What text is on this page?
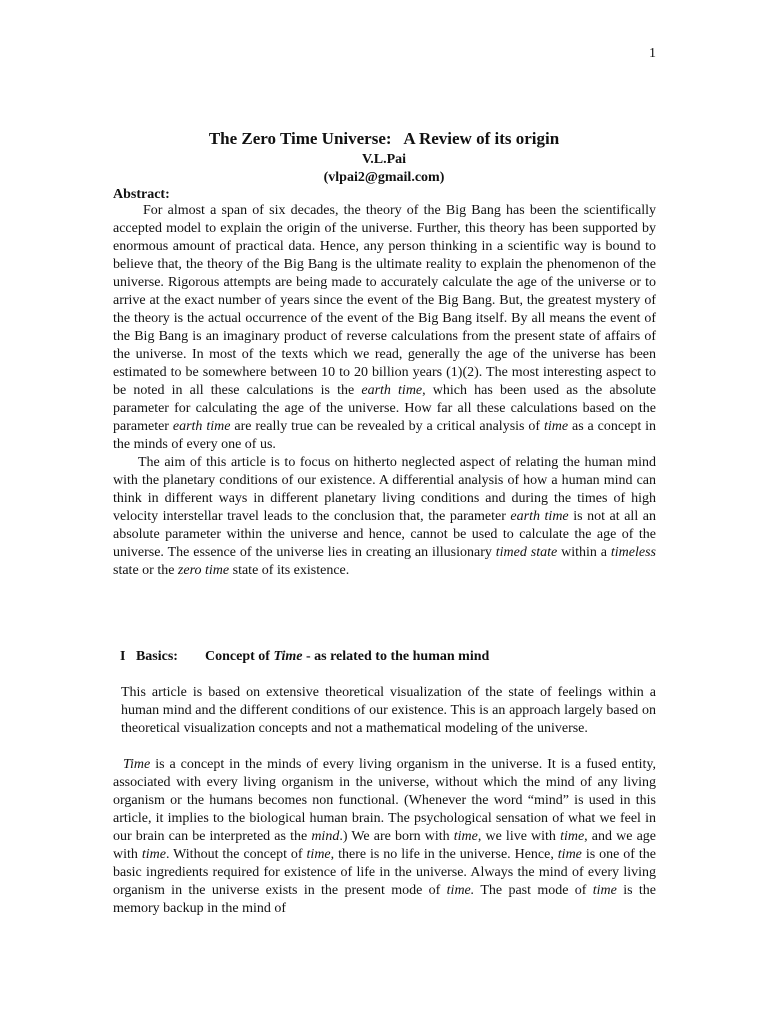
1
The Zero Time Universe:   A Review of its origin
V.L.Pai
(vlpai2@gmail.com)
Abstract:

For almost a span of six decades, the theory of the Big Bang has been the scientifically accepted model to explain the origin of the universe. Further, this theory has been supported by enormous amount of practical data. Hence, any person thinking in a scientific way is bound to believe that, the theory of the Big Bang is the ultimate reality to explain the phenomenon of the universe. Rigorous attempts are being made to accurately calculate the age of the universe or to arrive at the exact number of years since the event of the Big Bang. But, the greatest mystery of the theory is the actual occurrence of the event of the Big Bang itself. By all means the event of the Big Bang is an imaginary product of reverse calculations from the present state of affairs of the universe. In most of the texts which we read, generally the age of the universe has been estimated to be somewhere between 10 to 20 billion years (1)(2). The most interesting aspect to be noted in all these calculations is the earth time, which has been used as the absolute parameter for calculating the age of the universe. How far all these calculations based on the parameter earth time are really true can be revealed by a critical analysis of time as a concept in the minds of every one of us.

The aim of this article is to focus on hitherto neglected aspect of relating the human mind with the planetary conditions of our existence. A differential analysis of how a human mind can think in different ways in different planetary living conditions and during the times of high velocity interstellar travel leads to the conclusion that, the parameter earth time is not at all an absolute parameter within the universe and hence, cannot be used to calculate the age of the universe. The essence of the universe lies in creating an illusionary timed state within a timeless state or the zero time state of its existence.

I   Basics: Concept of Time - as related to the human mind

This article is based on extensive theoretical visualization of the state of feelings within a human mind and the different conditions of our existence. This is an approach largely based on theoretical visualization concepts and not a mathematical modeling of the universe.

Time is a concept in the minds of every living organism in the universe. It is a fused entity, associated with every living organism in the universe, without which the mind of any living organism or the humans becomes non functional. (Whenever the word “mind” is used in this article, it implies to the biological human brain. The psychological sensation of what we feel in our brain can be interpreted as the mind.) We are born with time, we live with time, and we age with time. Without the concept of time, there is no life in the universe. Hence, time is one of the basic ingredients required for existence of life in the universe. Always the mind of every living organism in the universe exists in the present mode of time. The past mode of time is the memory backup in the mind of
